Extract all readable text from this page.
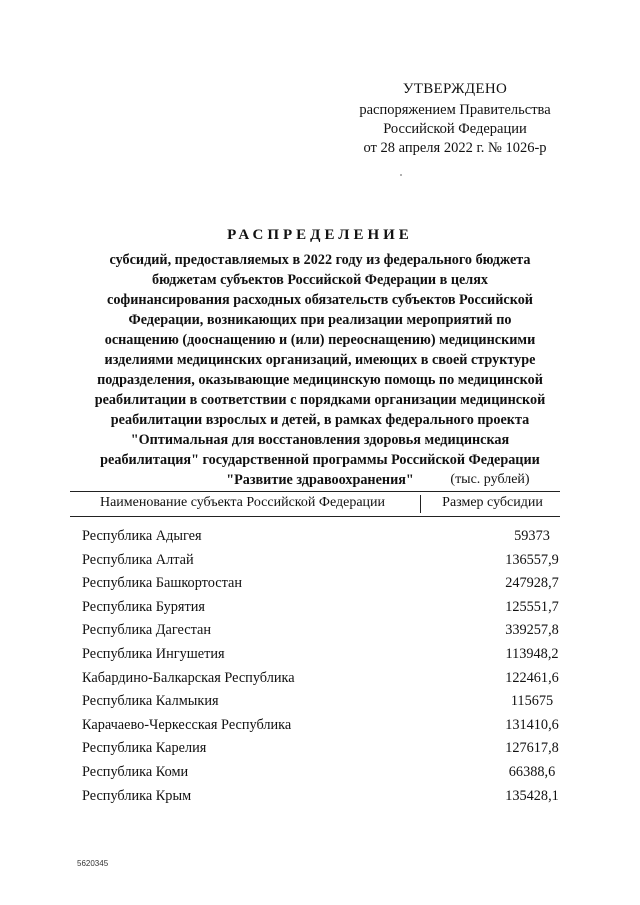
УТВЕРЖДЕНО
распоряжением Правительства
Российской Федерации
от 28 апреля 2022 г. № 1026-р
РАСПРЕДЕЛЕНИЕ
субсидий, предоставляемых в 2022 году из федерального бюджета
бюджетам субъектов Российской Федерации в целях
софинансирования расходных обязательств субъектов Российской
Федерации, возникающих при реализации мероприятий по
оснащению (дооснащению и (или) переоснащению) медицинскими
изделиями медицинских организаций, имеющих в своей структуре
подразделения, оказывающие медицинскую помощь по медицинской
реабилитации в соответствии с порядками организации медицинской
реабилитации взрослых и детей, в рамках федерального проекта
"Оптимальная для восстановления здоровья медицинская
реабилитация" государственной программы Российской Федерации
"Развитие здравоохранения"	(тыс. рублей)
Наименование субъекта Российской Федерации	Размер субсидии
Республика Адыгея	59373
Республика Алтай	136557,9
Республика Башкортостан	247928,7
Республика Бурятия	125551,7
Республика Дагестан	339257,8
Республика Ингушетия	113948,2
Кабардино-Балкарская Республика	122461,6
Республика Калмыкия	115675
Карачаево-Черкесская Республика	131410,6
Республика Карелия	127617,8
Республика Коми	66388,6
Республика Крым	135428,1
5620345
